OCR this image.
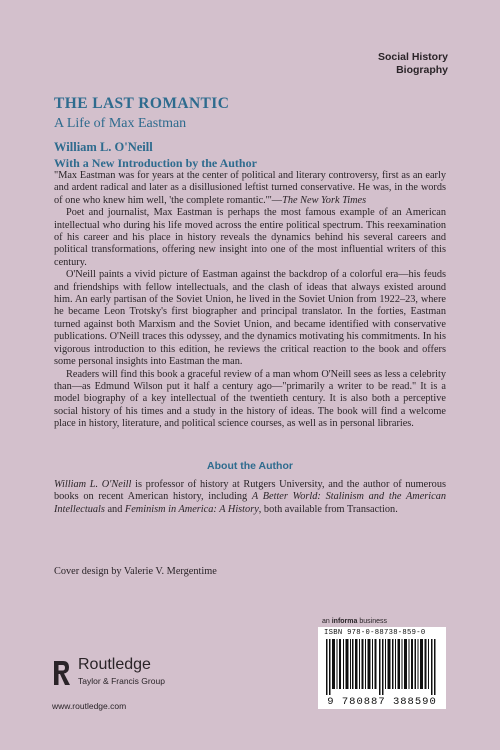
Social History
Biography
THE LAST ROMANTIC
A Life of Max Eastman
William L. O'Neill
With a New Introduction by the Author

"Max Eastman was for years at the center of political and literary controversy, first as an early and ardent radical and later as a disillusioned leftist turned conservative. He was, in the words of one who knew him well, 'the complete romantic.'"—The New York Times

Poet and journalist, Max Eastman is perhaps the most famous example of an American intellectual who during his life moved across the entire political spectrum. This reexamination of his career and his place in history reveals the dynamics behind his several careers and political transformations, offering new insight into one of the most influential writers of this century.

O'Neill paints a vivid picture of Eastman against the backdrop of a colorful era—his feuds and friendships with fellow intellectuals, and the clash of ideas that always existed around him. An early partisan of the Soviet Union, he lived in the Soviet Union from 1922–23, where he became Leon Trotsky's first biographer and principal translator. In the forties, Eastman turned against both Marxism and the Soviet Union, and became identified with conservative publications. O'Neill traces this odyssey, and the dynamics motivating his commitments. In his vigorous introduction to this edition, he reviews the critical reaction to the book and offers some personal insights into Eastman the man.

Readers will find this book a graceful review of a man whom O'Neill sees as less a celebrity than—as Edmund Wilson put it half a century ago—"primarily a writer to be read." It is a model biography of a key intellectual of the twentieth century. It is also both a perceptive social history of his times and a study in the history of ideas. The book will find a welcome place in history, literature, and political science courses, as well as in personal libraries.

About the Author

William L. O'Neill is professor of history at Rutgers University, and the author of numerous books on recent American history, including A Better World: Stalinism and the American Intellectuals and Feminism in America: A History, both available from Transaction.

Cover design by Valerie V. Mergentime
an informa business
ISBN 978-0-88738-859-0
9 780887 388590
Routledge
Taylor & Francis Group
www.routledge.com
